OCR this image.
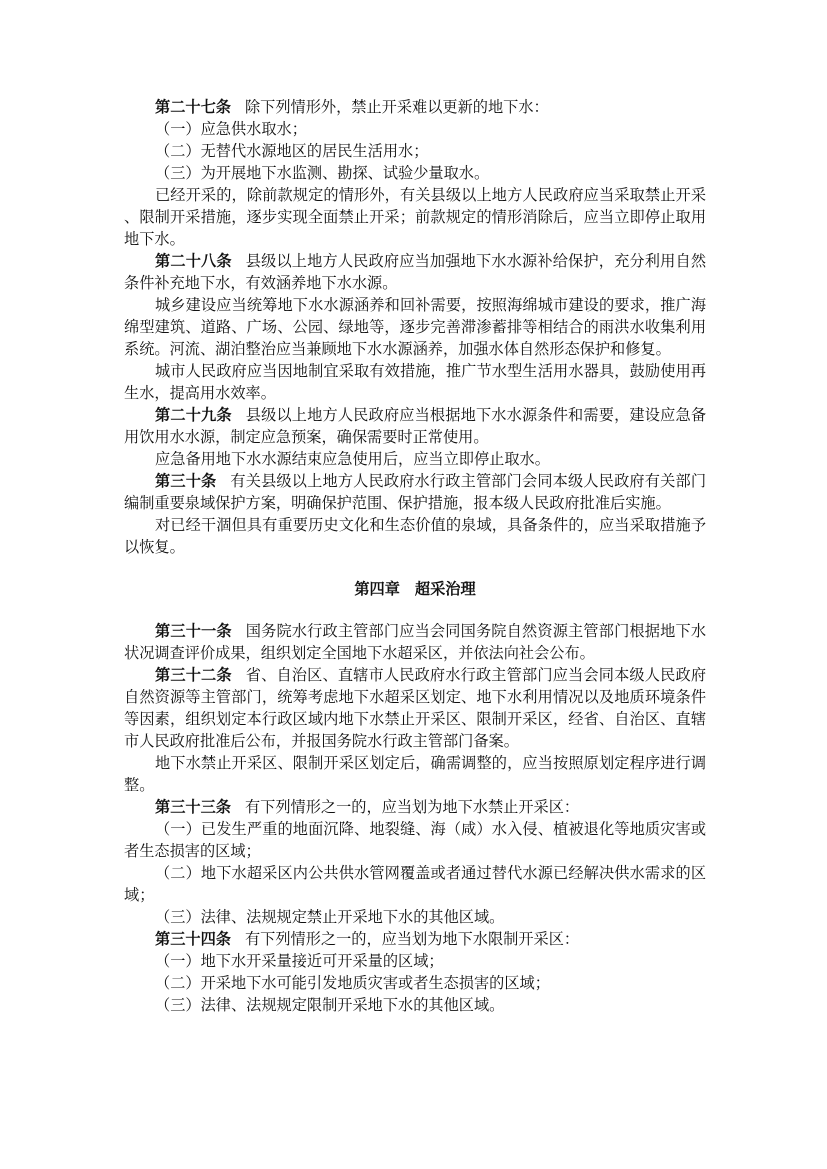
第二十七条 除下列情形外，禁止开采难以更新的地下水：

（一）应急供水取水；

（二）无替代水源地区的居民生活用水；

（三）为开展地下水监测、勘探、试验少量取水。

已经开采的，除前款规定的情形外，有关县级以上地方人民政府应当采取禁止开采、限制开采措施，逐步实现全面禁止开采；前款规定的情形消除后，应当立即停止取用地下水。

第二十八条 县级以上地方人民政府应当加强地下水水源补给保护，充分利用自然条件补充地下水，有效涵养地下水水源。

城乡建设应当统筹地下水水源涵养和回补需要，按照海绵城市建设的要求，推广海绵型建筑、道路、广场、公园、绿地等，逐步完善滞渗蓄排等相结合的雨洪水收集利用系统。河流、湖泊整治应当兼顾地下水水源涵养，加强水体自然形态保护和修复。

城市人民政府应当因地制宜采取有效措施，推广节水型生活用水器具，鼓励使用再生水，提高用水效率。

第二十九条 县级以上地方人民政府应当根据地下水水源条件和需要，建设应急备用饮用水水源，制定应急预案，确保需要时正常使用。

应急备用地下水水源结束应急使用后，应当立即停止取水。

第三十条 有关县级以上地方人民政府水行政主管部门会同本级人民政府有关部门编制重要泉域保护方案，明确保护范围、保护措施，报本级人民政府批准后实施。

对已经干涸但具有重要历史文化和生态价值的泉域，具备条件的，应当采取措施予以恢复。

第四章 超采治理

第三十一条 国务院水行政主管部门应当会同国务院自然资源主管部门根据地下水状况调查评价成果，组织划定全国地下水超采区，并依法向社会公布。

第三十二条 省、自治区、直辖市人民政府水行政主管部门应当会同本级人民政府自然资源等主管部门，统筹考虑地下水超采区划定、地下水利用情况以及地质环境条件等因素，组织划定本行政区域内地下水禁止开采区、限制开采区，经省、自治区、直辖市人民政府批准后公布，并报国务院水行政主管部门备案。

地下水禁止开采区、限制开采区划定后，确需调整的，应当按照原划定程序进行调整。

第三十三条 有下列情形之一的，应当划为地下水禁止开采区：

（一）已发生严重的地面沉降、地裂缝、海（咸）水入侵、植被退化等地质灾害或者生态损害的区域；

（二）地下水超采区内公共供水管网覆盖或者通过替代水源已经解决供水需求的区域；

（三）法律、法规规定禁止开采地下水的其他区域。

第三十四条 有下列情形之一的，应当划为地下水限制开采区：

（一）地下水开采量接近可开采量的区域；

（二）开采地下水可能引发地质灾害或者生态损害的区域；

（三）法律、法规规定限制开采地下水的其他区域。
